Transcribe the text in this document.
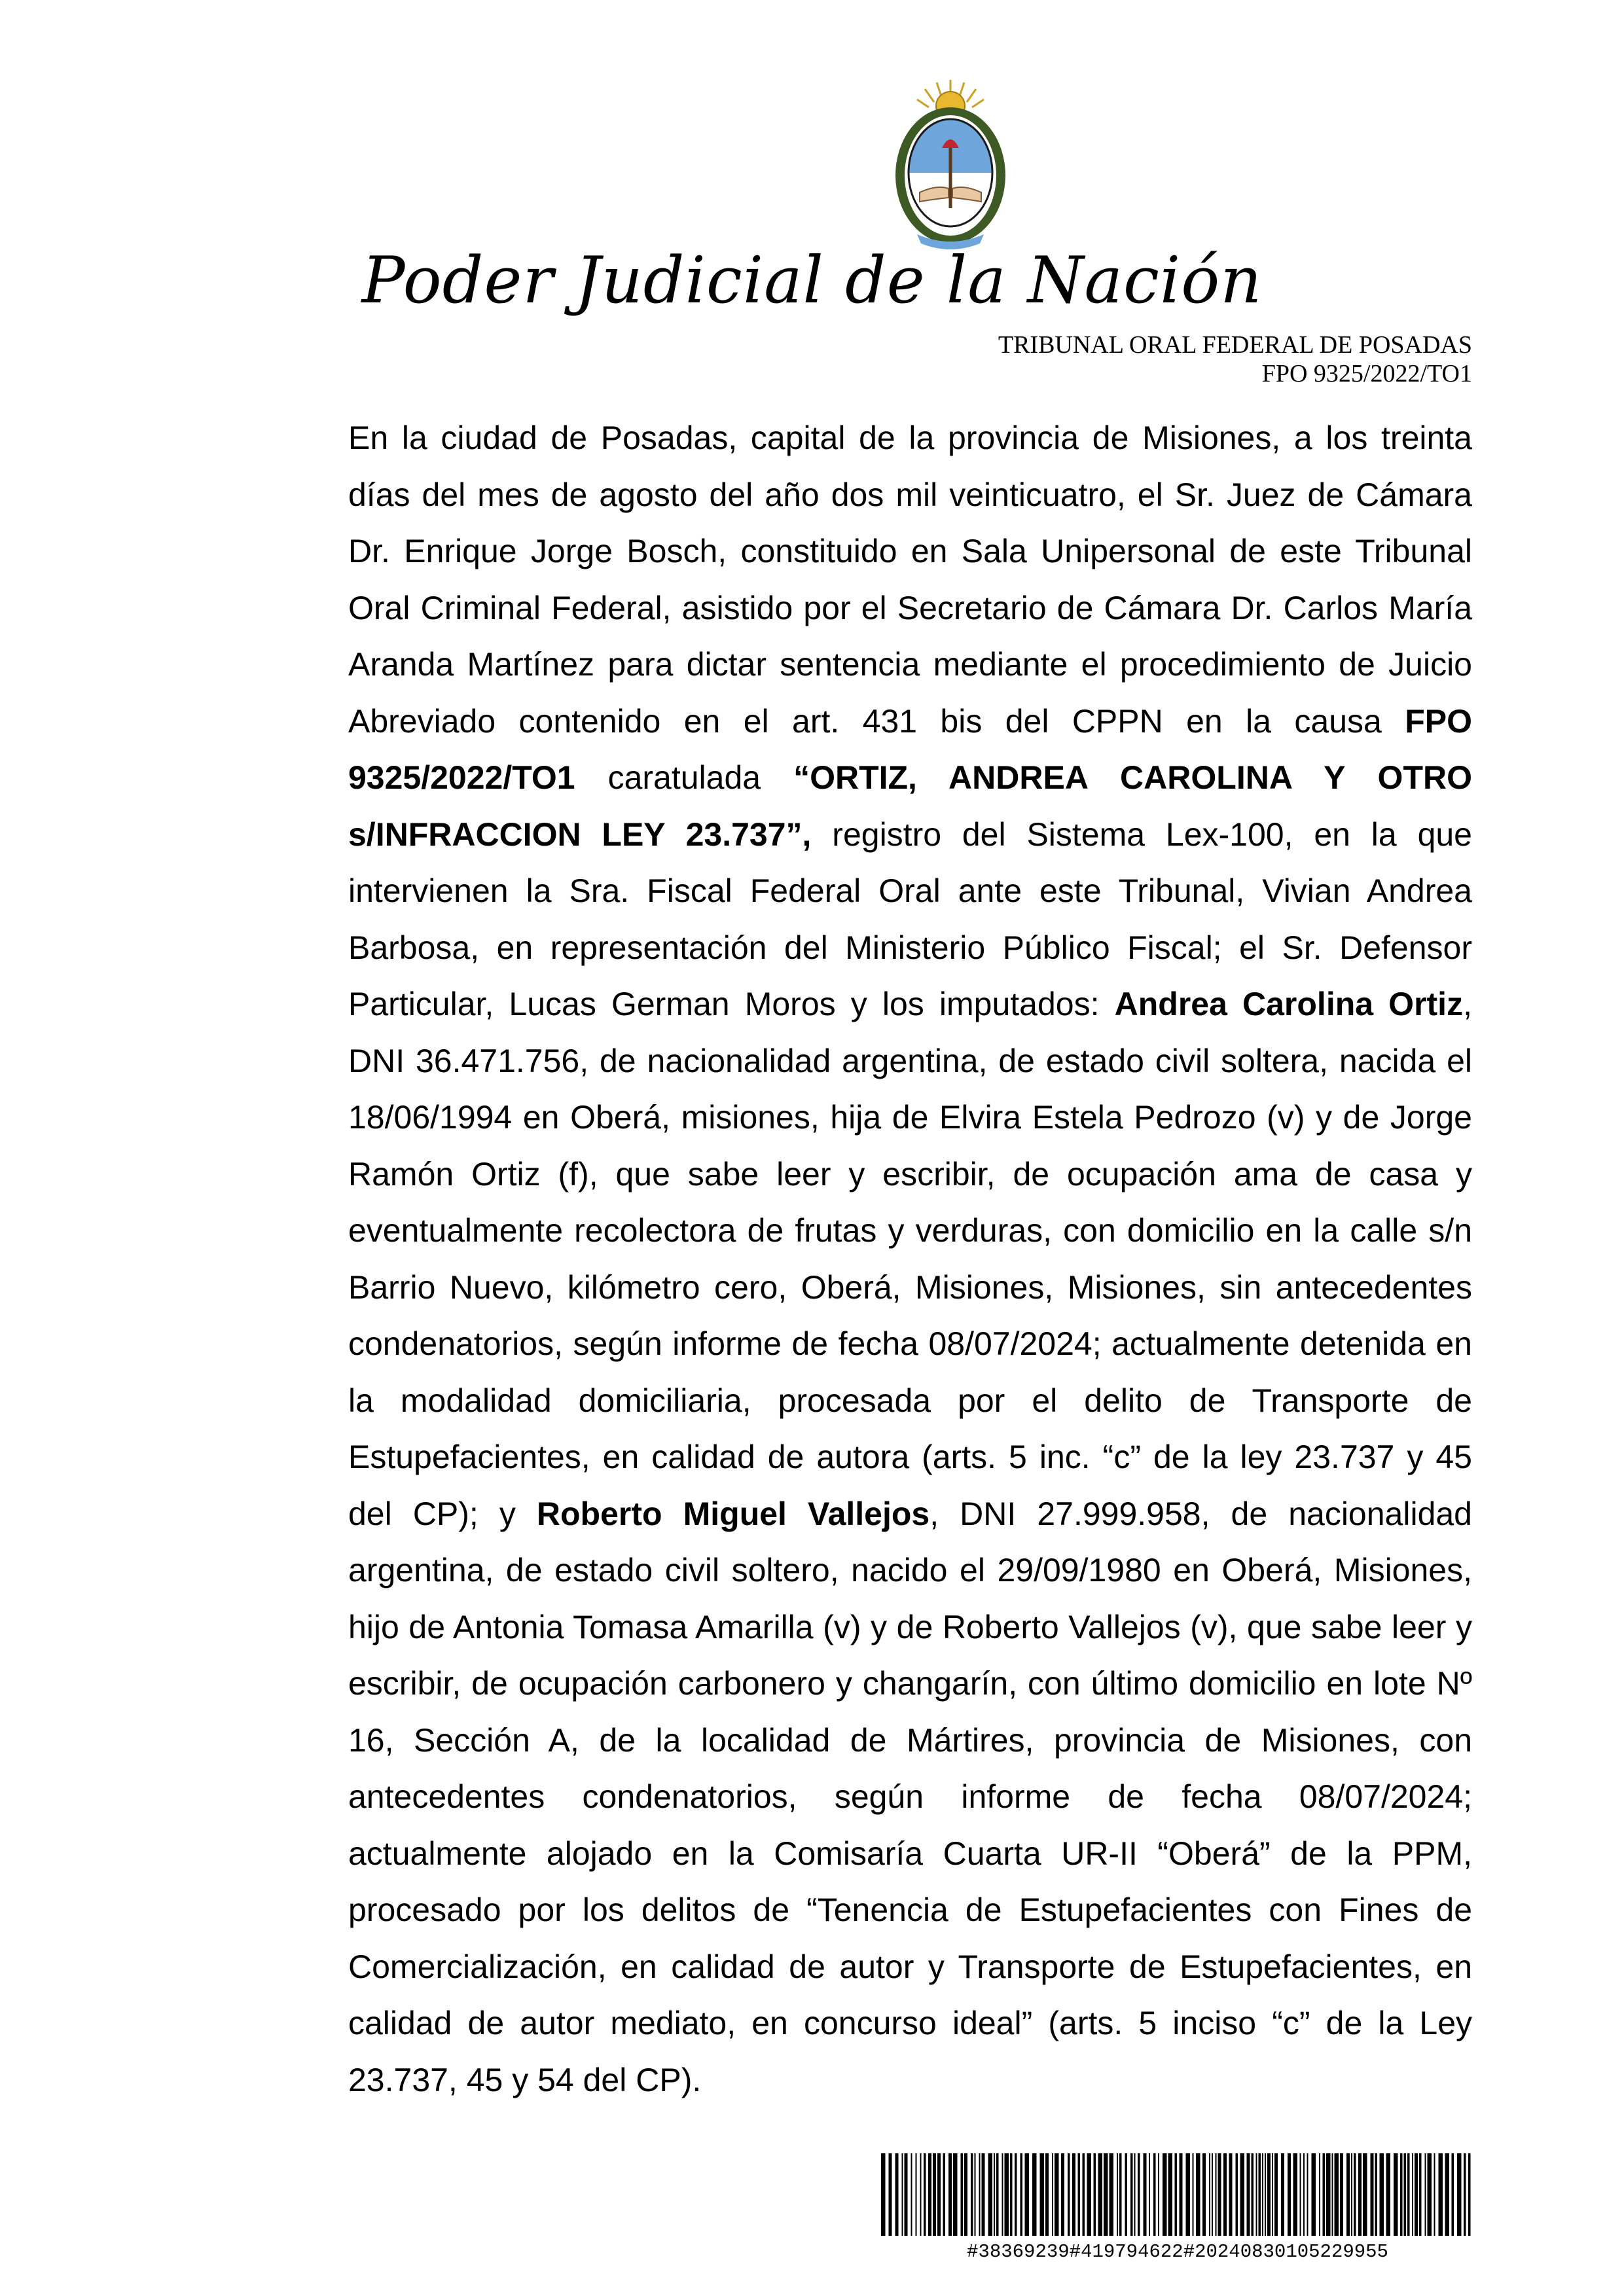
Poder Judicial de la Nación
TRIBUNAL ORAL FEDERAL DE POSADAS
FPO 9325/2022/TO1

En la ciudad de Posadas, capital de la provincia de Misiones, a los treinta días del mes de agosto del año dos mil veinticuatro, el Sr. Juez de Cámara Dr. Enrique Jorge Bosch, constituido en Sala Unipersonal de este Tribunal Oral Criminal Federal, asistido por el Secretario de Cámara Dr. Carlos María Aranda Martínez para dictar sentencia mediante el procedimiento de Juicio Abreviado contenido en el art. 431 bis del CPPN en la causa FPO 9325/2022/TO1 caratulada “ORTIZ, ANDREA CAROLINA Y OTRO s/INFRACCION LEY 23.737”, registro del Sistema Lex-100, en la que intervienen la Sra. Fiscal Federal Oral ante este Tribunal, Vivian Andrea Barbosa, en representación del Ministerio Público Fiscal; el Sr. Defensor Particular, Lucas German Moros y los imputados: Andrea Carolina Ortiz, DNI 36.471.756, de nacionalidad argentina, de estado civil soltera, nacida el 18/06/1994 en Oberá, misiones, hija de Elvira Estela Pedrozo (v) y de Jorge Ramón Ortiz (f), que sabe leer y escribir, de ocupación ama de casa y eventualmente recolectora de frutas y verduras, con domicilio en la calle s/n Barrio Nuevo, kilómetro cero, Oberá, Misiones, Misiones, sin antecedentes condenatorios, según informe de fecha 08/07/2024; actualmente detenida en la modalidad domiciliaria, procesada por el delito de Transporte de Estupefacientes, en calidad de autora (arts. 5 inc. “c” de la ley 23.737 y 45 del CP); y Roberto Miguel Vallejos, DNI 27.999.958, de nacionalidad argentina, de estado civil soltero, nacido el 29/09/1980 en Oberá, Misiones, hijo de Antonia Tomasa Amarilla (v) y de Roberto Vallejos (v), que sabe leer y escribir, de ocupación carbonero y changarín, con último domicilio en lote Nº 16, Sección A, de la localidad de Mártires, provincia de Misiones, con antecedentes condenatorios, según informe de fecha 08/07/2024; actualmente alojado en la Comisaría Cuarta UR-II “Oberá” de la PPM, procesado por los delitos de “Tenencia de Estupefacientes con Fines de Comercialización, en calidad de autor y Transporte de Estupefacientes, en calidad de autor mediato, en concurso ideal” (arts. 5 inciso “c” de la Ley 23.737, 45 y 54 del CP).

#38369239#419794622#20240830105229955
